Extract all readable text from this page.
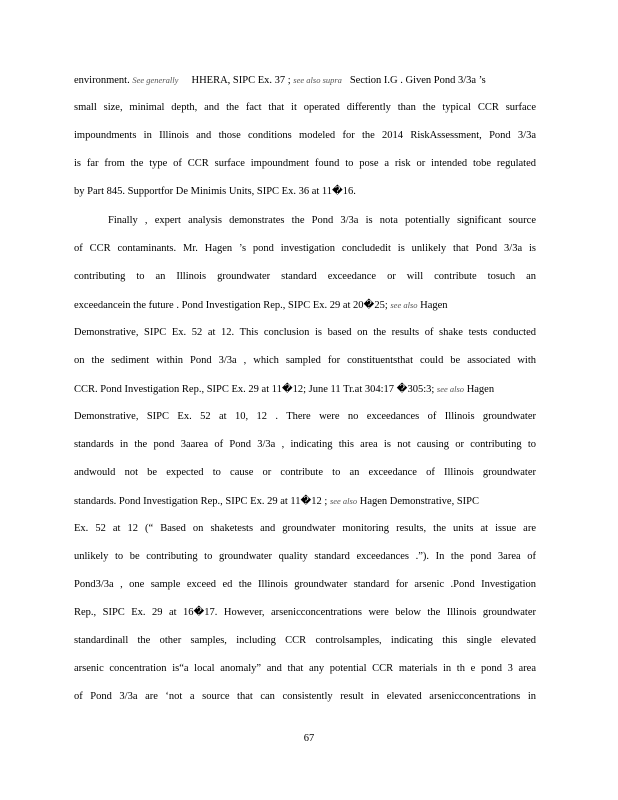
environment. See generally HHERA, SIPC Ex. 37 ; see also supra Section I.G . Given Pond 3/3a ’s
small size, minimal depth, and the fact that it operated differently than the typical CCR surface
impoundments in Illinois and those conditions modeled for the 2014 RiskAssessment, Pond 3/3a
is far from the type of CCR surface impoundment found to pose a risk or intended tobe regulated
by Part 845. Supportfor De Minimis Units, SIPC Ex. 36 at 11�16.
Finally , expert analysis demonstrates the Pond 3/3a is nota potentially significant source
of CCR contaminants. Mr. Hagen ’s pond investigation concludedit is unlikely that Pond 3/3a is
contributing to an Illinois groundwater standard exceedance or will contribute tosuch an
exceedancein the future . Pond Investigation Rep., SIPC Ex. 29 at 20�25; see also Hagen
Demonstrative, SIPC Ex. 52 at 12. This conclusion is based on the results of shake tests conducted
on the sediment within Pond 3/3a , which sampled for constituentsthat could be associated with
CCR. Pond Investigation Rep., SIPC Ex. 29 at 11�12; June 11 Tr.at 304:17 �305:3; see also Hagen
Demonstrative, SIPC Ex. 52 at 10, 12 . There were no exceedances of Illinois groundwater
standards in the pond 3aarea of Pond 3/3a , indicating this area is not causing or contributing to
andwould not be expected to cause or contribute to an exceedance of Illinois groundwater
standards. Pond Investigation Rep., SIPC Ex. 29 at 11�12 ; see also Hagen Demonstrative, SIPC
Ex. 52 at 12 (“ Based on shaketests and groundwater monitoring results, the units at issue are
unlikely to be contributing to groundwater quality standard exceedances .”). In the pond 3area of
Pond3/3a , one sample exceed ed the Illinois groundwater standard for arsenic .Pond Investigation
Rep., SIPC Ex. 29 at 16�17. However, arsenicconcentrations were below the Illinois groundwater
standardinall the other samples, including CCR controlsamples, indicating this single elevated
arsenic concentration is“a local anomaly” and that any potential CCR materials in th e pond 3 area
of Pond 3/3a are ‘not a source that can consistently result in elevated arsenicconcentrations in
67
